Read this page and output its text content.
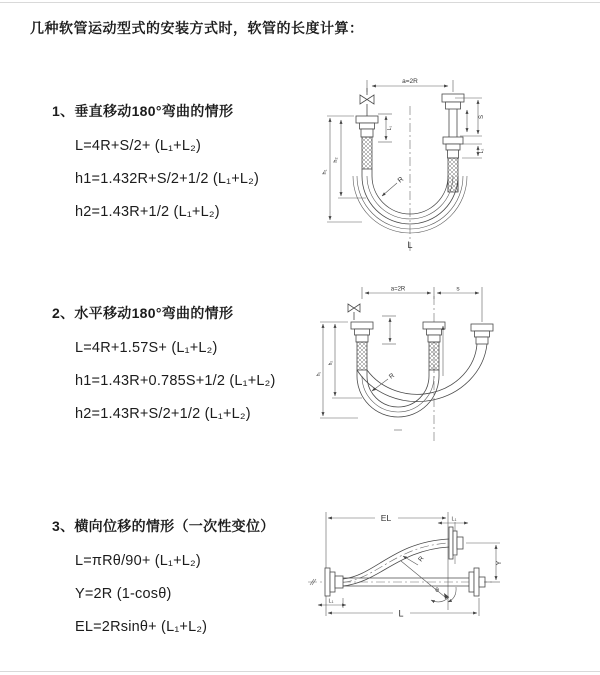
几种软管运动型式的安装方式时，软管的长度计算：

1、垂直移动180°弯曲的情形

L=4R+S/2+ (L₁+L₂)

h1=1.432R+S/2+1/2 (L₁+L₂)

h2=1.43R+1/2 (L₁+L₂)

2、水平移动180°弯曲的情形

L=4R+1.57S+ (L₁+L₂)

h1=1.43R+0.785S+1/2 (L₁+L₂)

h2=1.43R+S/2+1/2 (L₁+L₂)

3、横向位移的情形（一次性变位）

L=πRθ/90+ (L₁+L₂)

Y=2R (1-cosθ)

EL=2Rsinθ+ (L₁+L₂)

a=2R
h₁
h₂
L₁
S
L₂
R
L
a=2R	s
h₁
h₂
R
EL	L₁
R
θ
Y
L
L₁
